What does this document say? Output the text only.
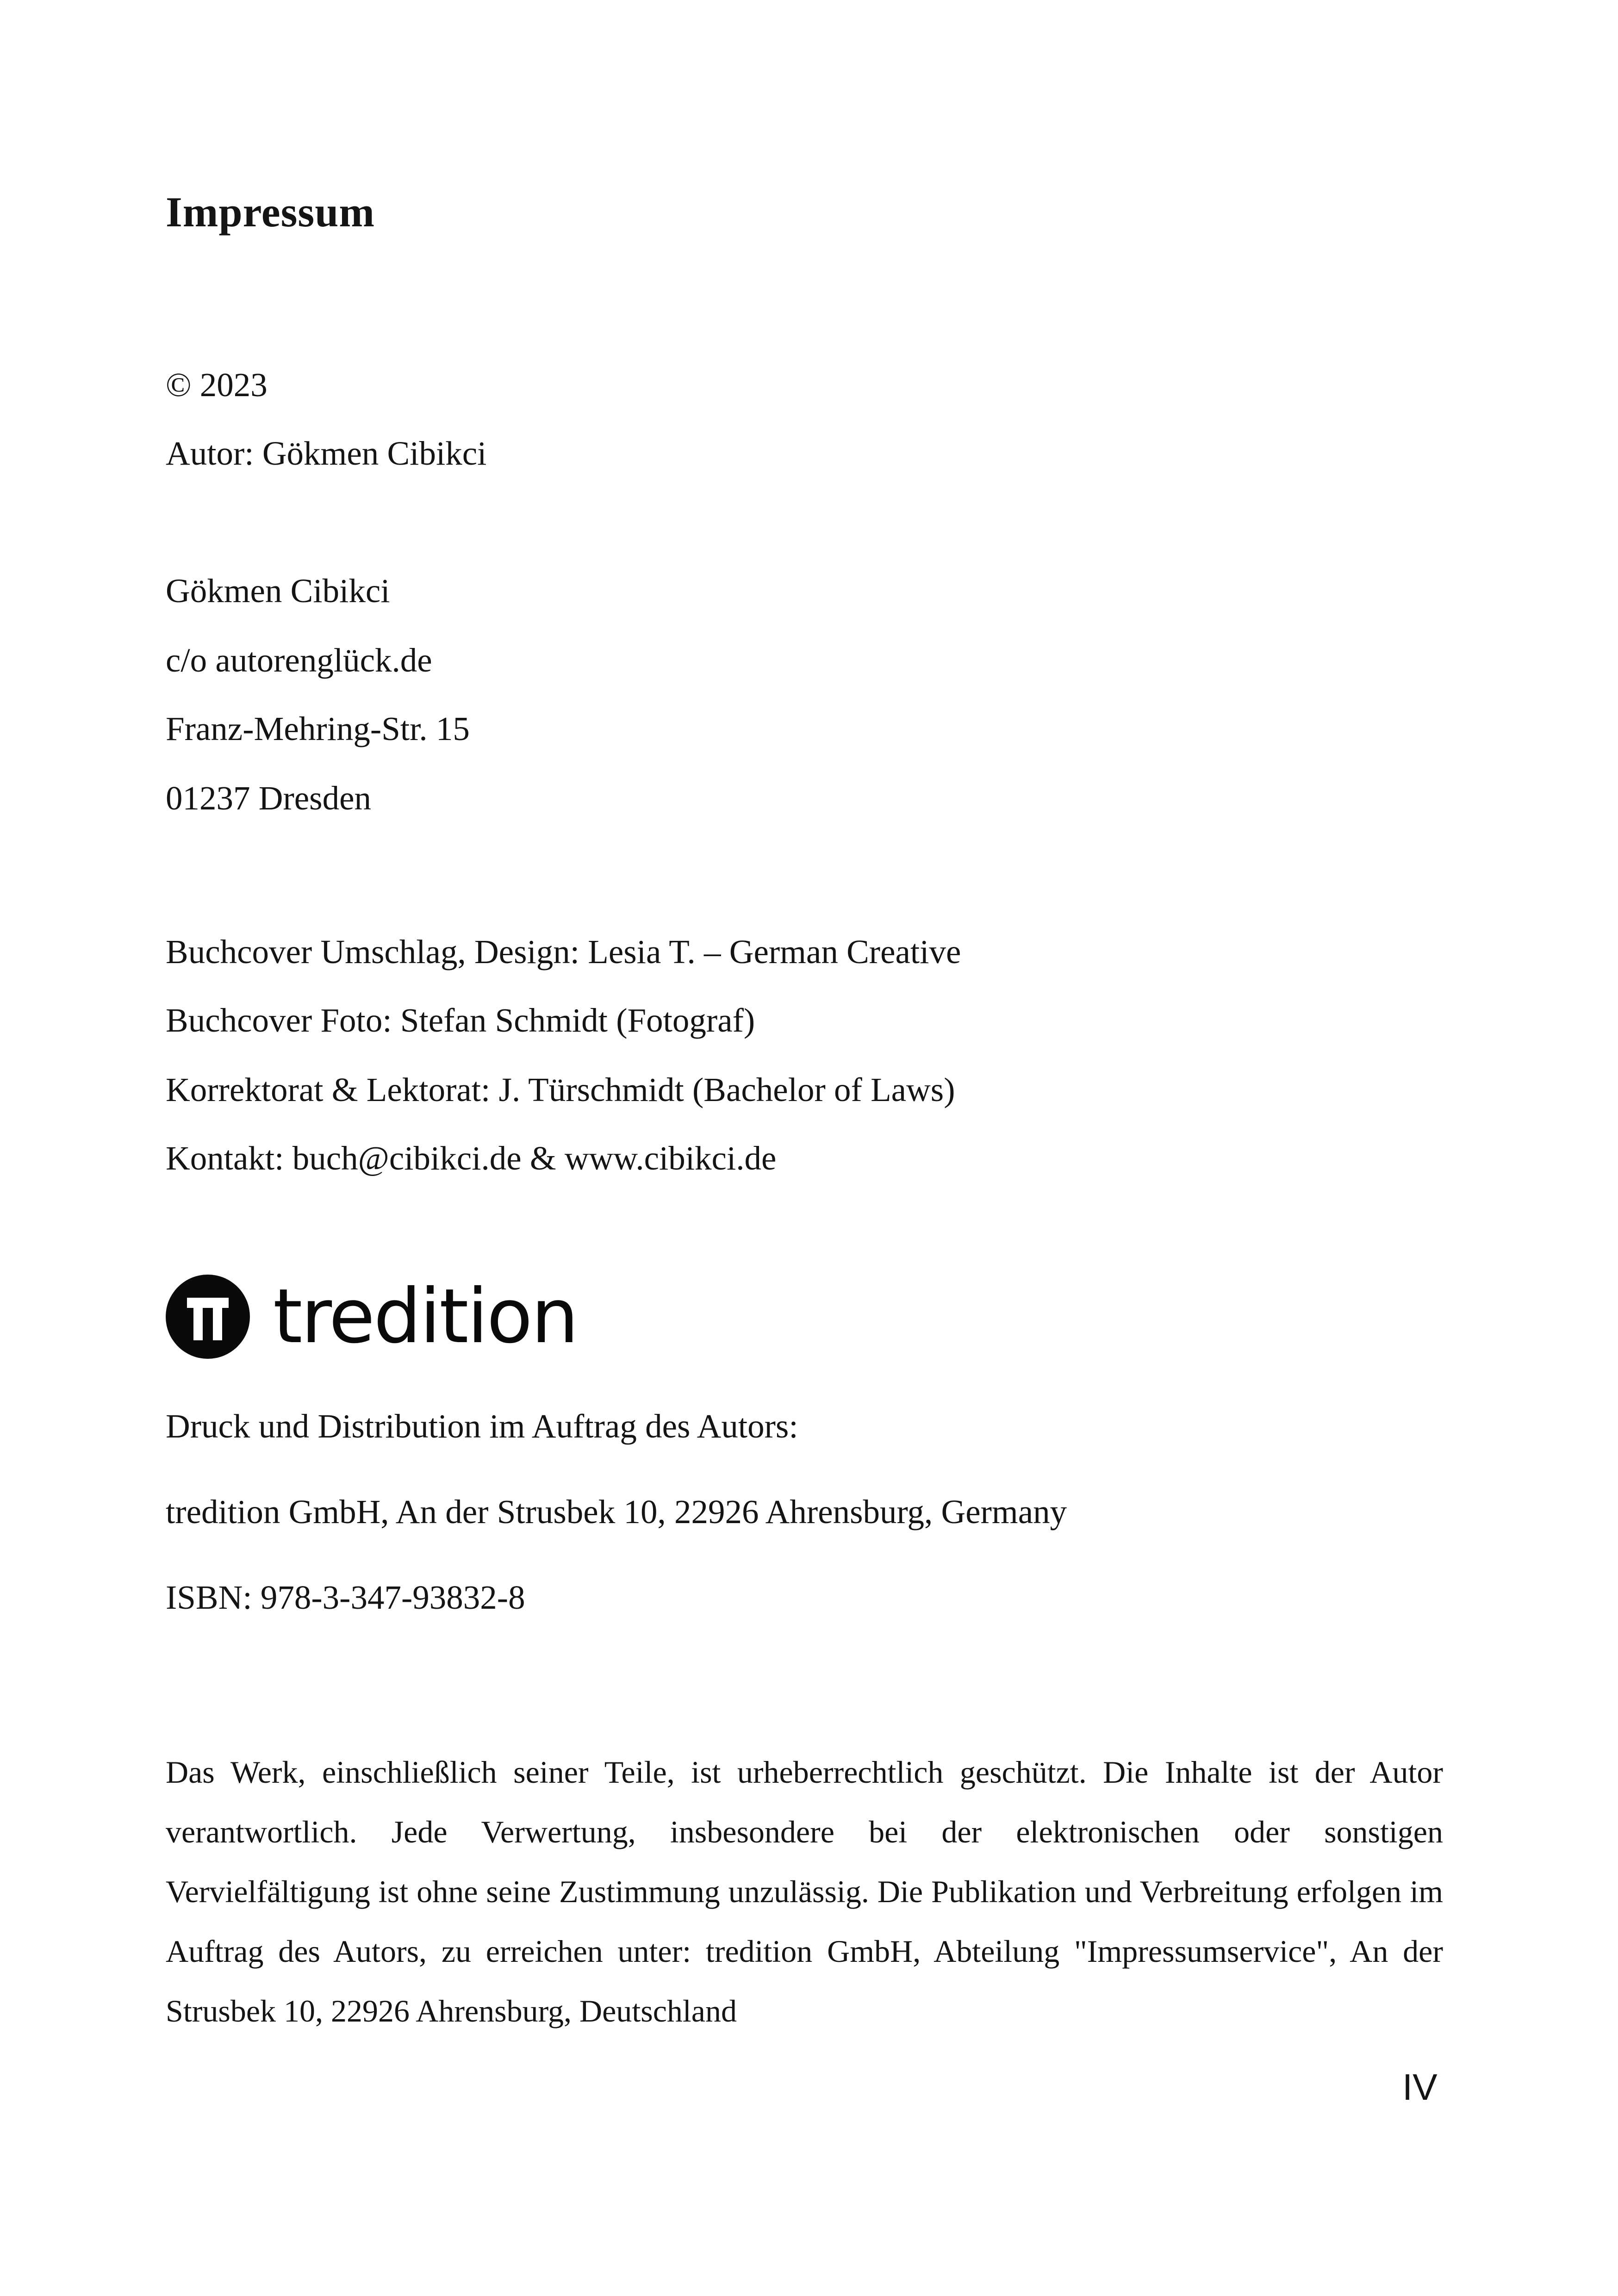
Impressum
© 2023
Autor: Gökmen Cibikci
Gökmen Cibikci
c/o autorenglück.de
Franz-Mehring-Str. 15
01237 Dresden
Buchcover Umschlag, Design: Lesia T. – German Creative
Buchcover Foto: Stefan Schmidt (Fotograf)
Korrektorat & Lektorat: J. Türschmidt (Bachelor of Laws)
Kontakt: buch@cibikci.de & www.cibikci.de
tredition
Druck und Distribution im Auftrag des Autors:
tredition GmbH, An der Strusbek 10, 22926 Ahrensburg, Germany
ISBN: 978-3-347-93832-8
Das Werk, einschließlich seiner Teile, ist urheberrechtlich geschützt. Die Inhalte ist der Autor verantwortlich. Jede Verwertung, insbesondere bei der elektronischen oder sonstigen Vervielfältigung ist ohne seine Zustimmung unzulässig. Die Publikation und Verbreitung erfolgen im Auftrag des Autors, zu erreichen unter: tredition GmbH, Abteilung "Impressumservice", An der Strusbek 10, 22926 Ahrensburg, Deutschland
IV
